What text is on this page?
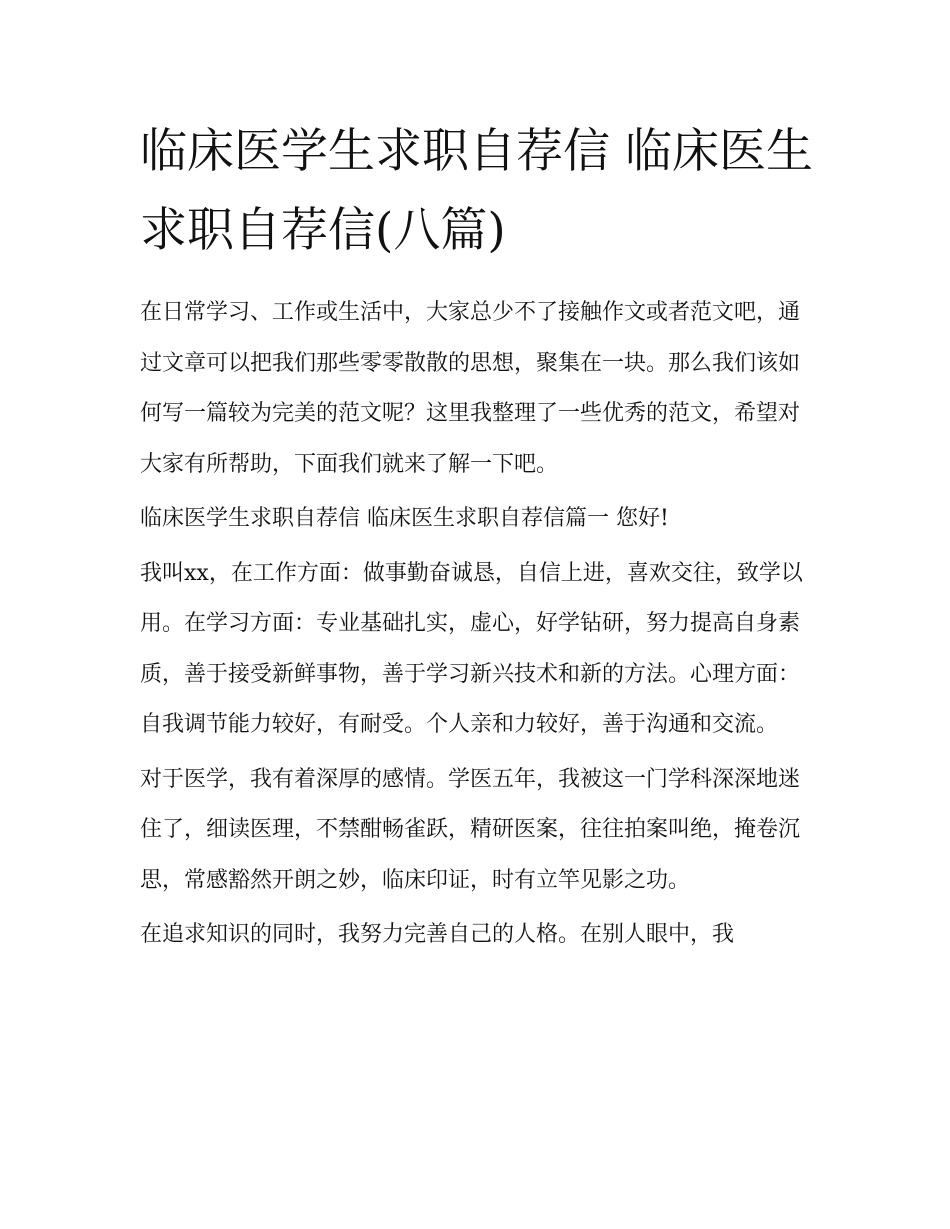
临床医学生求职自荐信 临床医生求职自荐信(八篇)

在日常学习、工作或生活中，大家总少不了接触作文或者范文吧，通过文章可以把我们那些零零散散的思想，聚集在一块。那么我们该如何写一篇较为完美的范文呢？这里我整理了一些优秀的范文，希望对大家有所帮助，下面我们就来了解一下吧。

临床医学生求职自荐信 临床医生求职自荐信篇一 您好!

我叫xx，在工作方面：做事勤奋诚恳，自信上进，喜欢交往，致学以用。在学习方面：专业基础扎实，虚心，好学钻研，努力提高自身素质，善于接受新鲜事物，善于学习新兴技术和新的方法。心理方面：自我调节能力较好，有耐受。个人亲和力较好，善于沟通和交流。

对于医学，我有着深厚的感情。学医五年，我被这一门学科深深地迷住了，细读医理，不禁酣畅雀跃，精研医案，往往拍案叫绝，掩卷沉思，常感豁然开朗之妙，临床印证，时有立竿见影之功。

在追求知识的同时，我努力完善自己的人格。在别人眼中，我
